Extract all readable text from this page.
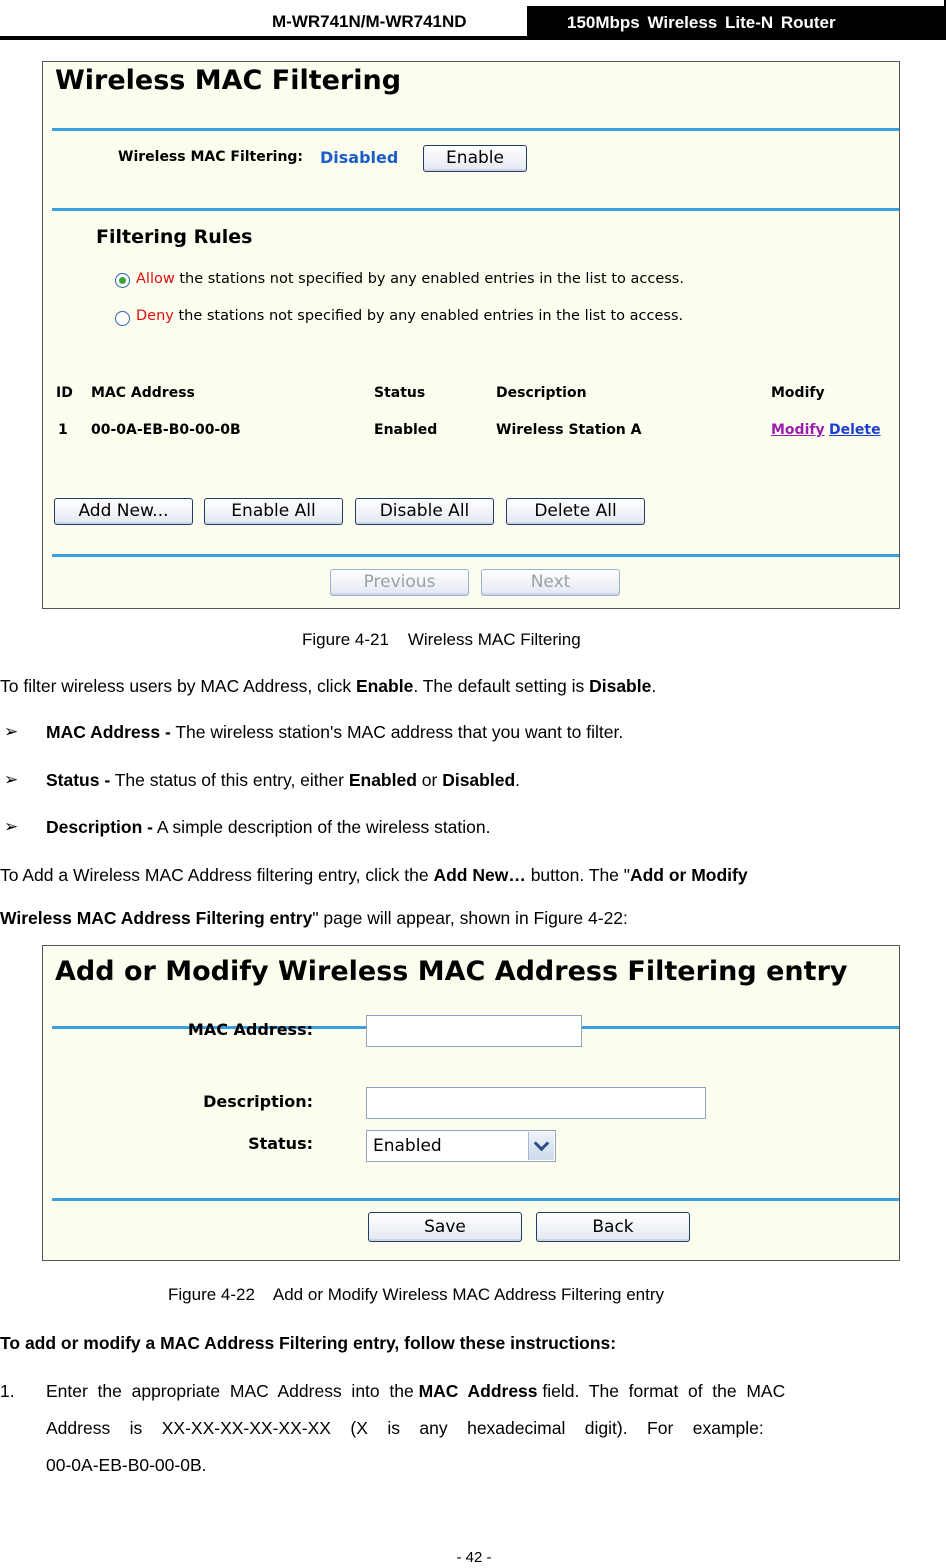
M-WR741N/M-WR741ND	150Mbps Wireless Lite-N Router
Wireless MAC Filtering
Wireless MAC Filtering: Disabled	Enable
Filtering Rules
Allow the stations not specified by any enabled entries in the list to access.
Deny the stations not specified by any enabled entries in the list to access.
ID MAC Address	Status	Description	Modify
1 00-0A-EB-B0-00-0B	Enabled	Wireless Station A	Modify Delete
Add New...	Enable All	Disable All	Delete All
Previous	Next
Figure 4-21    Wireless MAC Filtering
To filter wireless users by MAC Address, click Enable. The default setting is Disable.
➢ MAC Address - The wireless station's MAC address that you want to filter.
➢ Status - The status of this entry, either Enabled or Disabled.
➢ Description - A simple description of the wireless station.
To Add a Wireless MAC Address filtering entry, click the Add New… button. The "Add or Modify
Wireless MAC Address Filtering entry" page will appear, shown in Figure 4-22:
Add or Modify Wireless MAC Address Filtering entry
MAC Address:
Description:
Status:	Enabled
Save	Back
Figure 4-22    Add or Modify Wireless MAC Address Filtering entry
To add or modify a MAC Address Filtering entry, follow these instructions:
1. Enter  the  appropriate  MAC  Address  into  the MAC  Address field.  The  format  of  the  MAC
Address    is    XX-XX-XX-XX-XX-XX    (X    is    any    hexadecimal    digit).    For    example:
00-0A-EB-B0-00-0B.
- 42 -
